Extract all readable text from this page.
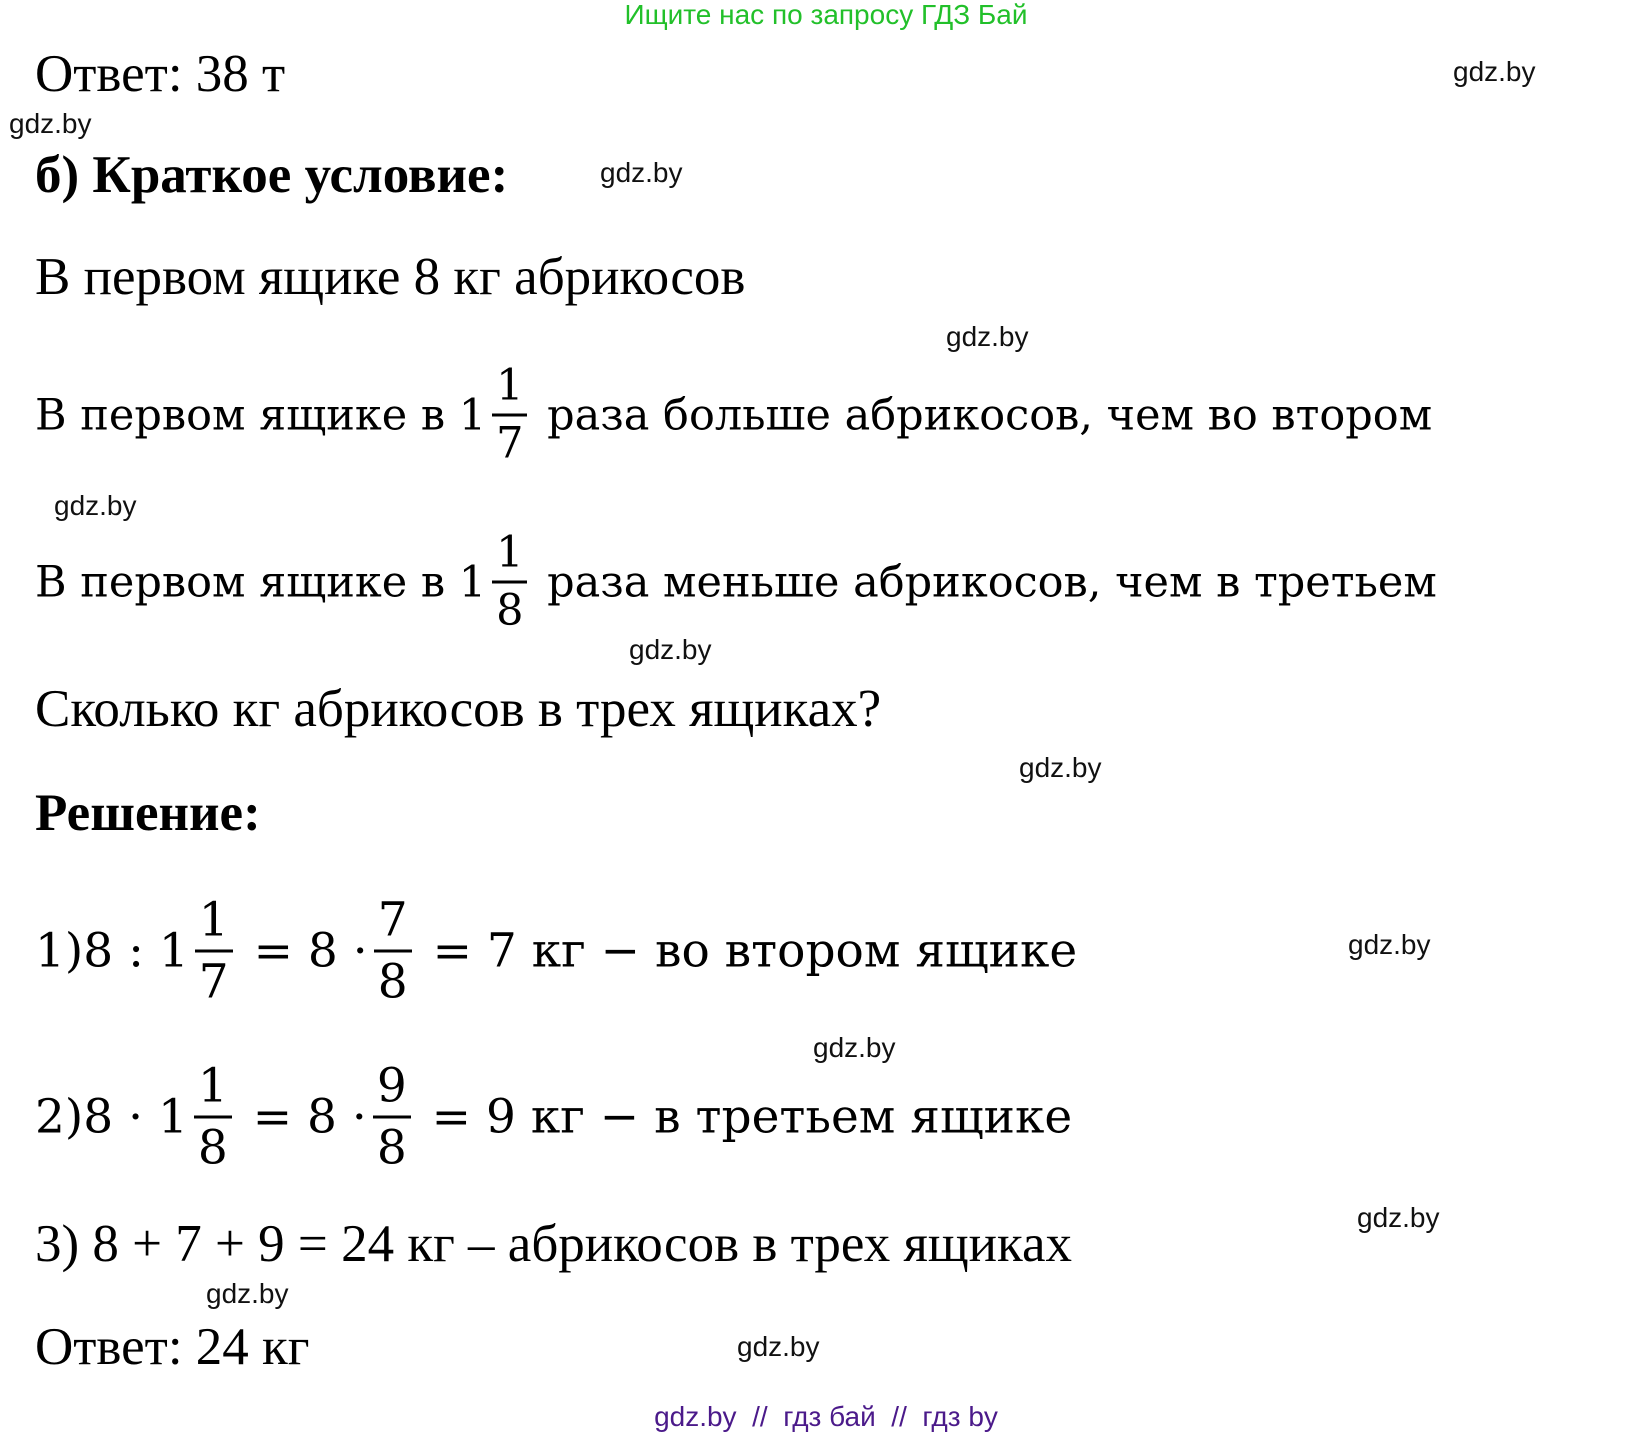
Ищите нас по запросу ГДЗ Бай
Ответ: 38 т
б) Краткое условие:
В первом ящике 8 кг абрикосов
В первом ящике в $1 \frac{1}{7}$ раза больше абрикосов, чем во втором
В первом ящике в $1 \frac{1}{8}$ раза меньше абрикосов, чем в третьем
Сколько кг абрикосов в трех ящиках?
Решение:
1)8 : $1 \frac{1}{7} = 8 \cdot \frac{7}{8} = 7$ кг − во втором ящике
$2)8 \cdot 1 \frac{1}{8} = 8 \cdot \frac{9}{8} = 9$ кг − в третьем ящике
3) 8 + 7 + 9 = 24 кг – абрикосов в трех ящиках
Ответ: 24 кг
gdz.by
gdz.by
gdz.by
gdz.by
gdz.by
gdz.by
gdz.by
gdz.by
gdz.by
gdz.by
gdz.by
gdz.by
gdz.by  //  гдз бай  //  гдз by
